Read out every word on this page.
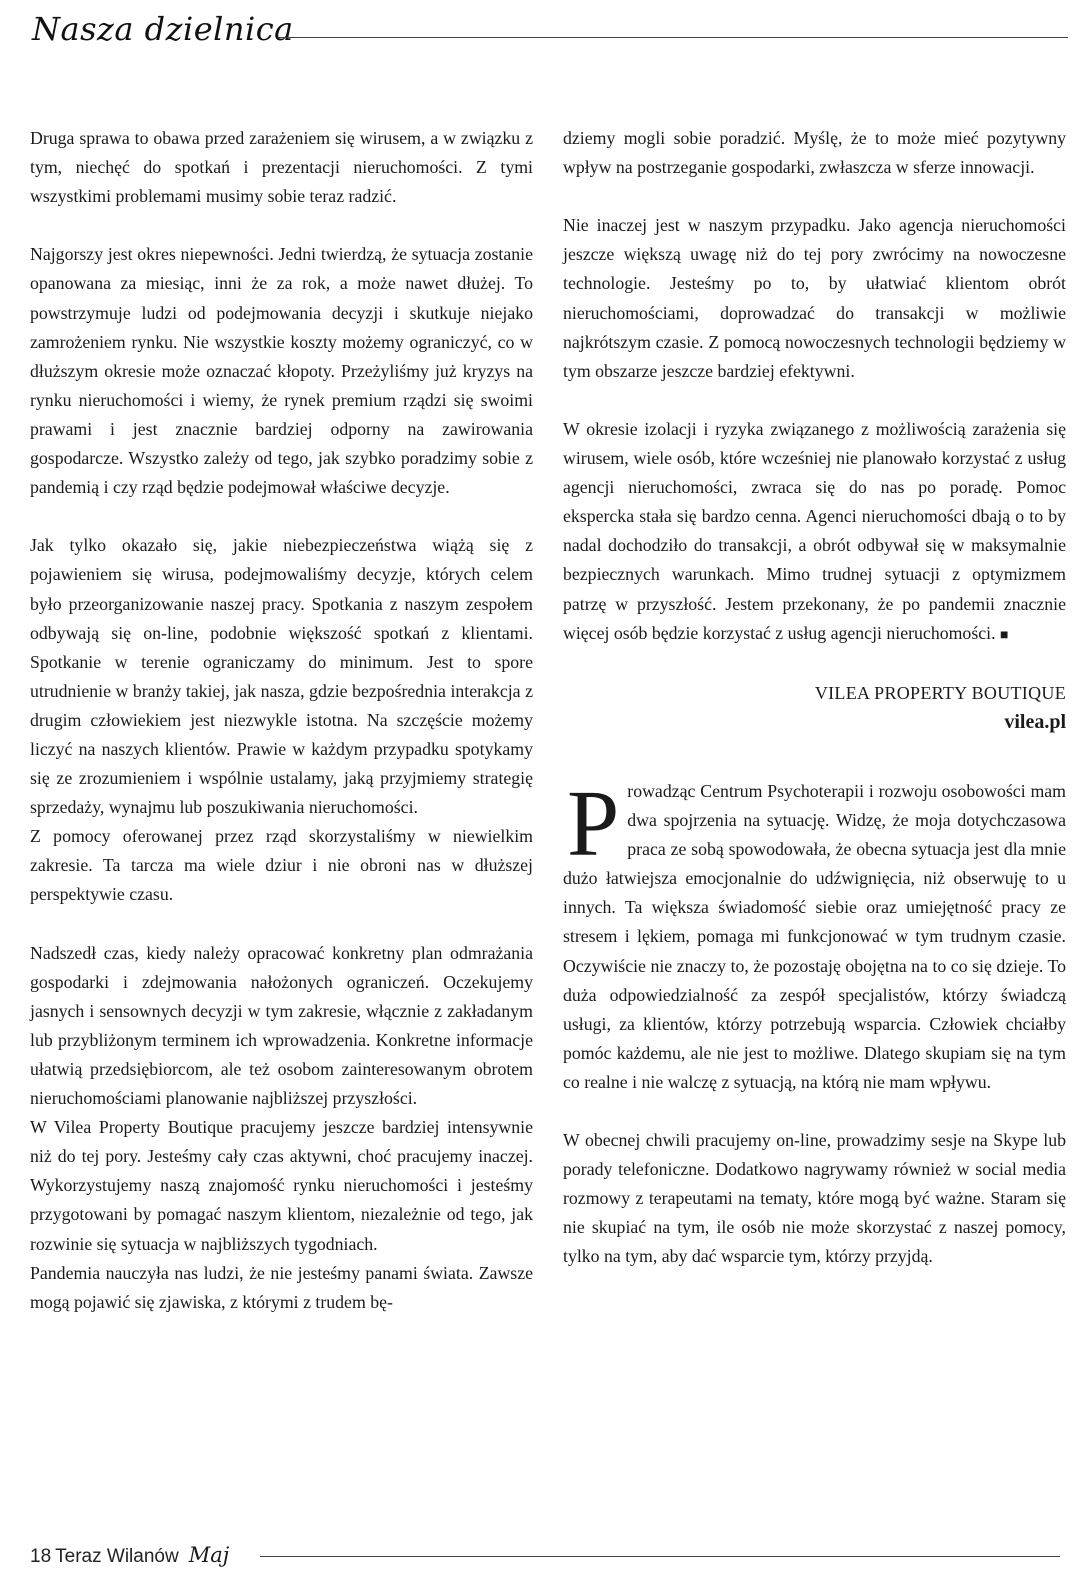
Nasza dzielnica

Druga sprawa to obawa przed zarażeniem się wirusem, a w związku z tym, niechęć do spotkań i prezentacji nieruchomości. Z tymi wszystkimi problemami musimy sobie teraz radzić.

Najgorszy jest okres niepewności. Jedni twierdzą, że sytuacja zostanie opanowana za miesiąc, inni że za rok, a może nawet dłużej. To powstrzymuje ludzi od podejmowania decyzji i skutkuje niejako zamrożeniem rynku. Nie wszystkie koszty możemy ograniczyć, co w dłuższym okresie może oznaczać kłopoty. Przeżyliśmy już kryzys na rynku nieruchomości i wiemy, że rynek premium rządzi się swoimi prawami i jest znacznie bardziej odporny na zawirowania gospodarcze. Wszystko zależy od tego, jak szybko poradzimy sobie z pandemią i czy rząd będzie podejmował właściwe decyzje.

Jak tylko okazało się, jakie niebezpieczeństwa wiążą się z pojawieniem się wirusa, podejmowaliśmy decyzje, których celem było przeorganizowanie naszej pracy. Spotkania z naszym zespołem odbywają się on-line, podobnie większość spotkań z klientami. Spotkanie w terenie ograniczamy do minimum. Jest to spore utrudnienie w branży takiej, jak nasza, gdzie bezpośrednia interakcja z drugim człowiekiem jest niezwykle istotna. Na szczęście możemy liczyć na naszych klientów. Prawie w każdym przypadku spotykamy się ze zrozumieniem i wspólnie ustalamy, jaką przyjmiemy strategię sprzedaży, wynajmu lub poszukiwania nieruchomości.

Z pomocy oferowanej przez rząd skorzystaliśmy w niewielkim zakresie. Ta tarcza ma wiele dziur i nie obroni nas w dłuższej perspektywie czasu.

Nadszedł czas, kiedy należy opracować konkretny plan odmrażania gospodarki i zdejmowania nałożonych ograniczeń. Oczekujemy jasnych i sensownych decyzji w tym zakresie, włącznie z zakładanym lub przybliżonym terminem ich wprowadzenia. Konkretne informacje ułatwią przedsiębiorcom, ale też osobom zainteresowanym obrotem nieruchomościami planowanie najbliższej przyszłości.

W Vilea Property Boutique pracujemy jeszcze bardziej intensywnie niż do tej pory. Jesteśmy cały czas aktywni, choć pracujemy inaczej. Wykorzystujemy naszą znajomość rynku nieruchomości i jesteśmy przygotowani by pomagać naszym klientom, niezależnie od tego, jak rozwinie się sytuacja w najbliższych tygodniach.

Pandemia nauczyła nas ludzi, że nie jesteśmy panami świata. Zawsze mogą pojawić się zjawiska, z którymi z trudem bę-

dziemy mogli sobie poradzić. Myślę, że to może mieć pozytywny wpływ na postrzeganie gospodarki, zwłaszcza w sferze innowacji.

Nie inaczej jest w naszym przypadku. Jako agencja nieruchomości jeszcze większą uwagę niż do tej pory zwrócimy na nowoczesne technologie. Jesteśmy po to, by ułatwiać klientom obrót nieruchomościami, doprowadzać do transakcji w możliwie najkrótszym czasie. Z pomocą nowoczesnych technologii będziemy w tym obszarze jeszcze bardziej efektywni.

W okresie izolacji i ryzyka związanego z możliwością zarażenia się wirusem, wiele osób, które wcześniej nie planowało korzystać z usług agencji nieruchomości, zwraca się do nas po poradę. Pomoc ekspercka stała się bardzo cenna. Agenci nieruchomości dbają o to by nadal dochodziło do transakcji, a obrót odbywał się w maksymalnie bezpiecznych warunkach. Mimo trudnej sytuacji z optymizmem patrzę w przyszłość. Jestem przekonany, że po pandemii znacznie więcej osób będzie korzystać z usług agencji nieruchomości. ■

VILEA PROPERTY BOUTIQUE
vilea.pl

Prowadząc Centrum Psychoterapii i rozwoju osobowości mam dwa spojrzenia na sytuację. Widzę, że moja dotychczasowa praca ze sobą spowodowała, że obecna sytuacja jest dla mnie dużo łatwiejsza emocjonalnie do udźwignięcia, niż obserwuję to u innych. Ta większa świadomość siebie oraz umiejętność pracy ze stresem i lękiem, pomaga mi funkcjonować w tym trudnym czasie. Oczywiście nie znaczy to, że pozostaję obojętna na to co się dzieje. To duża odpowiedzialność za zespół specjalistów, którzy świadczą usługi, za klientów, którzy potrzebują wsparcia. Człowiek chciałby pomóc każdemu, ale nie jest to możliwe. Dlatego skupiam się na tym co realne i nie walczę z sytuacją, na którą nie mam wpływu.

W obecnej chwili pracujemy on-line, prowadzimy sesje na Skype lub porady telefoniczne. Dodatkowo nagrywamy również w social media rozmowy z terapeutami na tematy, które mogą być ważne. Staram się nie skupiać na tym, ile osób nie może skorzystać z naszej pomocy, tylko na tym, aby dać wsparcie tym, którzy przyjdą.

18 Teraz Wilanów Maj
